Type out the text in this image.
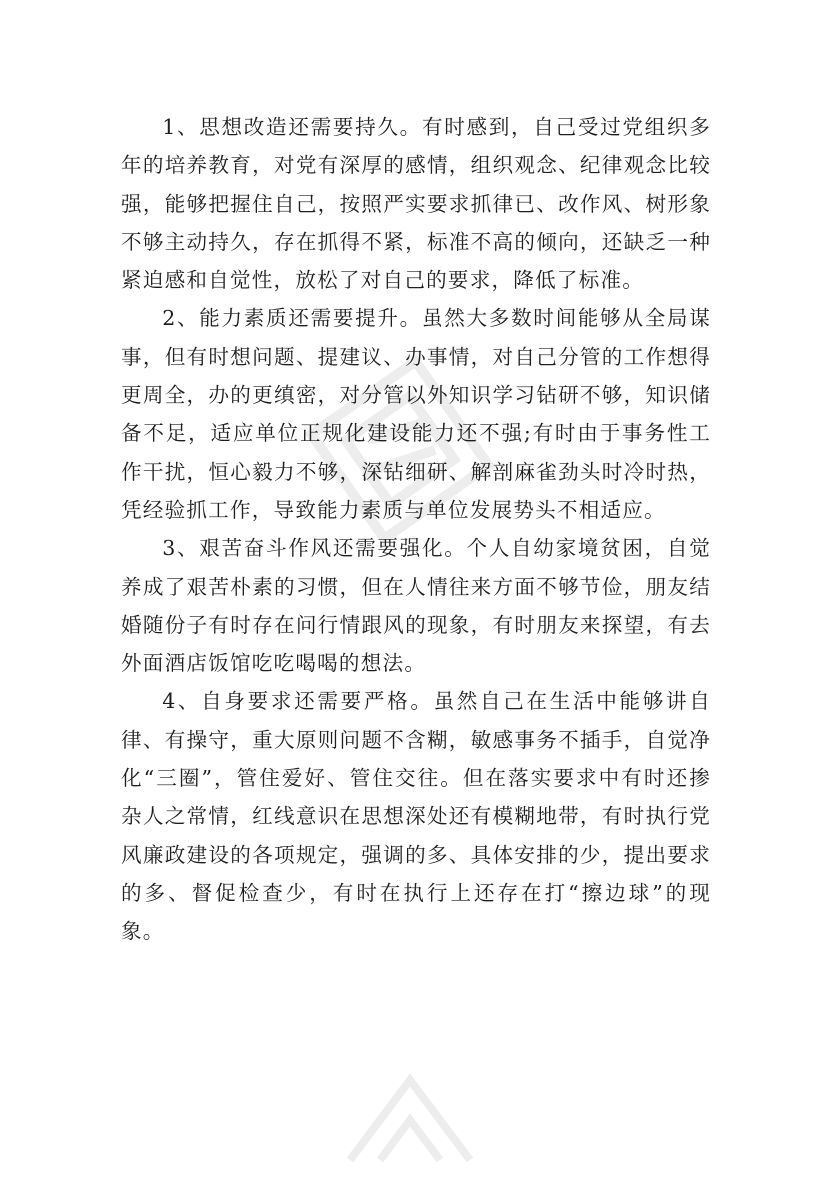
1、思想改造还需要持久。有时感到，自己受过党组织多年的培养教育，对党有深厚的感情，组织观念、纪律观念比较强，能够把握住自己，按照严实要求抓律已、改作风、树形象不够主动持久，存在抓得不紧，标准不高的倾向，还缺乏一种紧迫感和自觉性，放松了对自己的要求，降低了标准。

2、能力素质还需要提升。虽然大多数时间能够从全局谋事，但有时想问题、提建议、办事情，对自己分管的工作想得更周全，办的更缜密，对分管以外知识学习钻研不够，知识储备不足，适应单位正规化建设能力还不强;有时由于事务性工作干扰，恒心毅力不够，深钻细研、解剖麻雀劲头时冷时热，凭经验抓工作，导致能力素质与单位发展势头不相适应。

3、艰苦奋斗作风还需要强化。个人自幼家境贫困，自觉养成了艰苦朴素的习惯，但在人情往来方面不够节俭，朋友结婚随份子有时存在问行情跟风的现象，有时朋友来探望，有去外面酒店饭馆吃吃喝喝的想法。

4、自身要求还需要严格。虽然自己在生活中能够讲自律、有操守，重大原则问题不含糊，敏感事务不插手，自觉净化“三圈”，管住爱好、管住交往。但在落实要求中有时还掺杂人之常情，红线意识在思想深处还有模糊地带，有时执行党风廉政建设的各项规定，强调的多、具体安排的少，提出要求的多、督促检查少，有时在执行上还存在打“擦边球”的现象。
